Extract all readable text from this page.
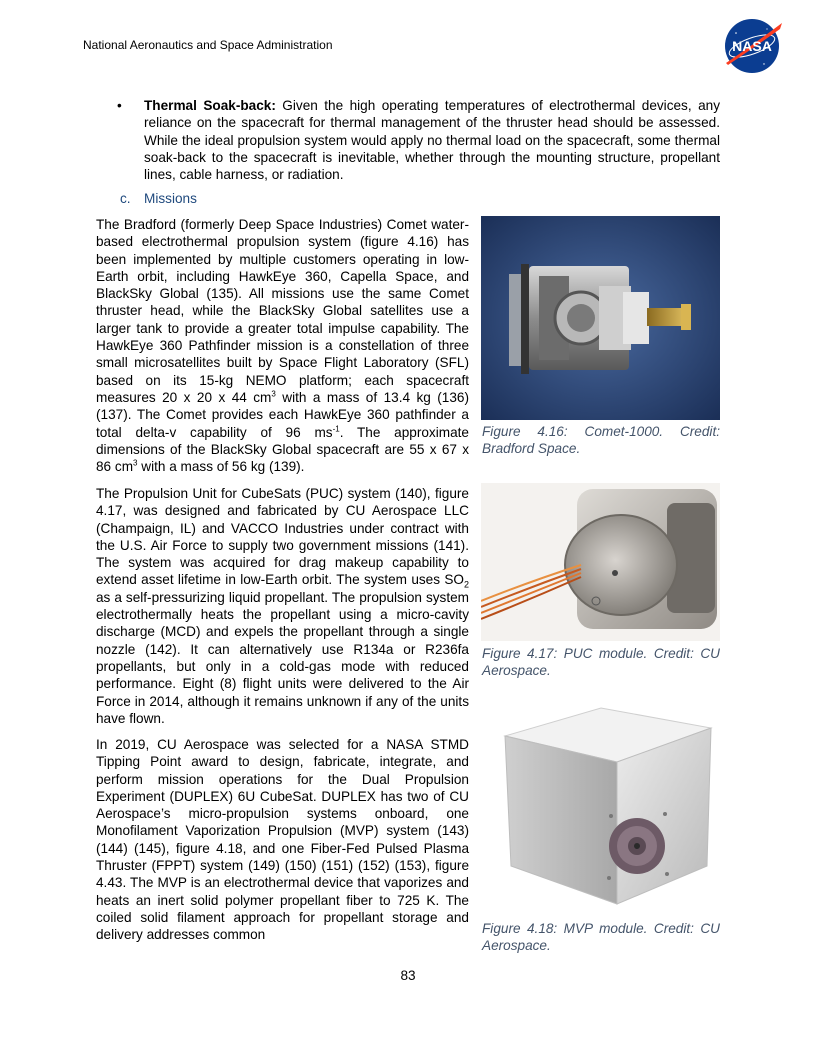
National Aeronautics and Space Administration	NASA
• Thermal Soak-back: Given the high operating temperatures of electrothermal devices, any reliance on the spacecraft for thermal management of the thruster head should be assessed. While the ideal propulsion system would apply no thermal load on the spacecraft, some thermal soak-back to the spacecraft is inevitable, whether through the mounting structure, propellant lines, cable harness, or radiation.
c. Missions
The Bradford (formerly Deep Space Industries) Comet water-based electrothermal propulsion system (figure 4.16) has been implemented by multiple customers operating in low-Earth orbit, including HawkEye 360, Capella Space, and BlackSky Global (135). All missions use the same Comet thruster head, while the BlackSky Global satellites use a larger tank to provide a greater total impulse capability. The HawkEye 360 Pathfinder mission is a constellation of three small microsatellites built by Space Flight Laboratory (SFL) based on its 15-kg NEMO platform; each spacecraft measures 20 x 20 x 44 $cm^3$ with a mass of 13.4 kg (136) (137). The Comet provides each HawkEye 360 pathfinder a total delta-v capability of 96 $ms^{-1}$. The approximate dimensions of the BlackSky Global spacecraft are 55 x 67 x 86 $cm^3$ with a mass of 56 kg (139).
The Propulsion Unit for CubeSats (PUC) system (140), figure 4.17, was designed and fabricated by CU Aerospace LLC (Champaign, IL) and VACCO Industries under contract with the U.S. Air Force to supply two government missions (141). The system was acquired for drag makeup capability to extend asset lifetime in low-Earth orbit. The system uses $SO_2$ as a self-pressurizing liquid propellant. The propulsion system electrothermally heats the propellant using a micro-cavity discharge (MCD) and expels the propellant through a single nozzle (142). It can alternatively use R134a or R236fa propellants, but only in a cold-gas mode with reduced performance. Eight (8) flight units were delivered to the Air Force in 2014, although it remains unknown if any of the units have flown.
In 2019, CU Aerospace was selected for a NASA STMD Tipping Point award to design, fabricate, integrate, and perform mission operations for the Dual Propulsion Experiment (DUPLEX) 6U CubeSat. DUPLEX has two of CU Aerospace’s micro-propulsion systems onboard, one Monofilament Vaporization Propulsion (MVP) system (143) (144) (145), figure 4.18, and one Fiber-Fed Pulsed Plasma Thruster (FPPT) system (149) (150) (151) (152) (153), figure 4.43. The MVP is an electrothermal device that vaporizes and heats an inert solid polymer propellant fiber to 725 K. The coiled solid filament approach for propellant storage and delivery addresses common
Figure 4.16: Comet-1000. Credit: Bradford Space.
Figure 4.17: PUC module. Credit: CU Aerospace.
Figure 4.18: MVP module. Credit: CU Aerospace.
83
